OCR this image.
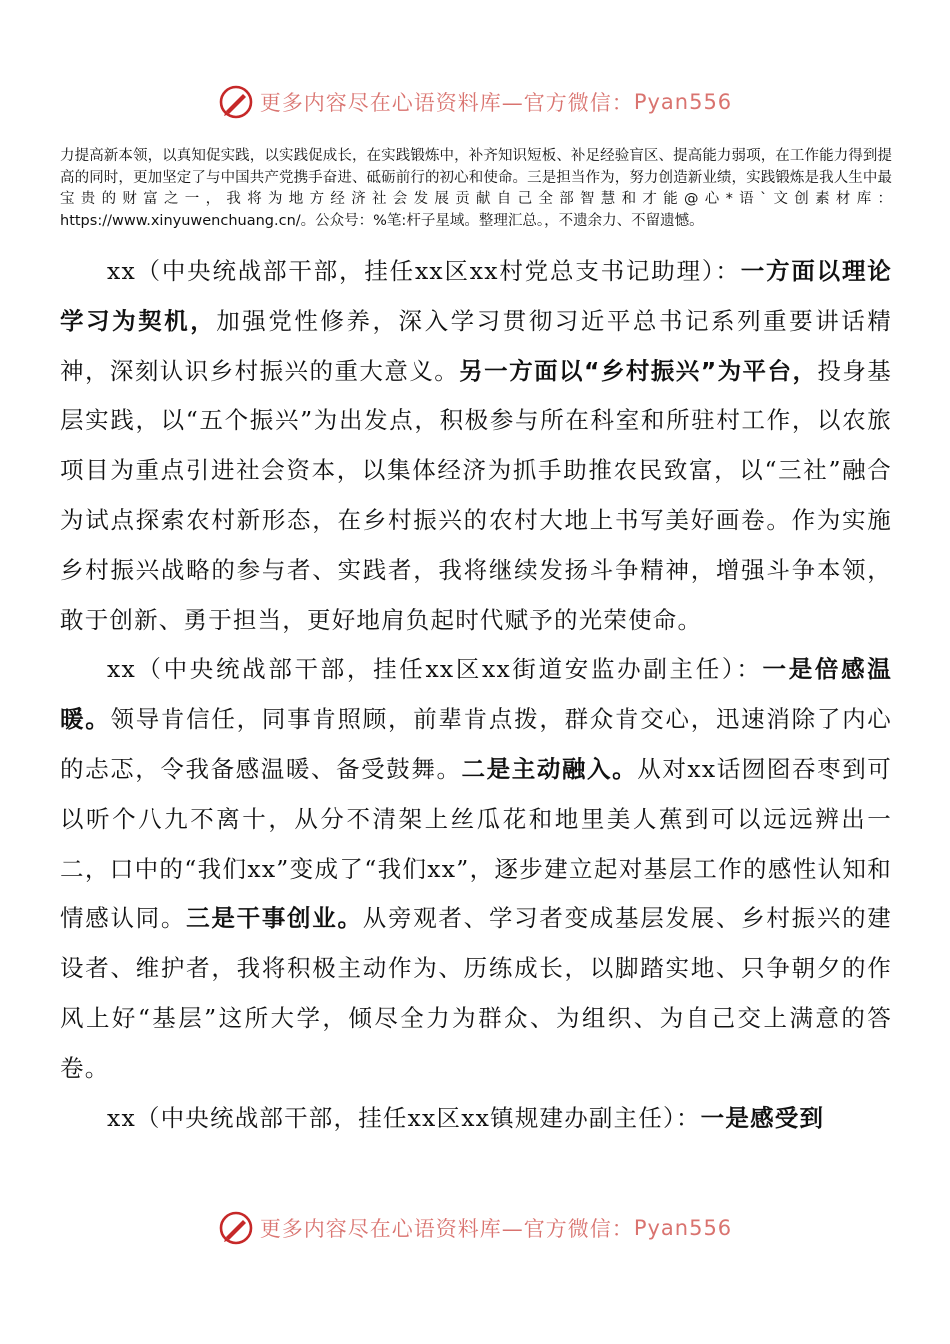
更多内容尽在心语资料库—官方微信： Pyan556

力提高新本领，以真知促实践，以实践促成长，在实践锻炼中，补齐知识短板、补足经验盲区、提高能力弱项，在工作能力得到提高的同时，更加坚定了与中国共产党携手奋进、砥砺前行的初心和使命。三是担当作为，努力创造新业绩，实践锻炼是我人生中最宝贵的财富之一，我将为地方经济社会发展贡献自己全部智慧和才能@心*语`文创素材库：https://www.xinyuwenchuang.cn/。公众号：%笔:杆子星域。整理汇总。，不遗余力、不留遗憾。

xx（中央统战部干部，挂任xx区xx村党总支书记助理）：一方面以理论学习为契机，加强党性修养，深入学习贯彻习近平总书记系列重要讲话精神，深刻认识乡村振兴的重大意义。另一方面以“乡村振兴”为平台，投身基层实践，以“五个振兴”为出发点，积极参与所在科室和所驻村工作，以农旅项目为重点引进社会资本，以集体经济为抓手助推农民致富，以“三社”融合为试点探索农村新形态，在乡村振兴的农村大地上书写美好画卷。作为实施乡村振兴战略的参与者、实践者，我将继续发扬斗争精神，增强斗争本领，敢于创新、勇于担当，更好地肩负起时代赋予的光荣使命。

xx（中央统战部干部，挂任xx区xx街道安监办副主任）：一是倍感温暖。领导肯信任，同事肯照顾，前辈肯点拨，群众肯交心，迅速消除了内心的忐忑，令我备感温暖、备受鼓舞。二是主动融入。从对xx话囫囵吞枣到可以听个八九不离十，从分不清架上丝瓜花和地里美人蕉到可以远远辨出一二，口中的“我们xx”变成了“我们xx”，逐步建立起对基层工作的感性认知和情感认同。三是干事创业。从旁观者、学习者变成基层发展、乡村振兴的建设者、维护者，我将积极主动作为、历练成长，以脚踏实地、只争朝夕的作风上好“基层”这所大学，倾尽全力为群众、为组织、为自己交上满意的答卷。

xx（中央统战部干部，挂任xx区xx镇规建办副主任）：一是感受到

更多内容尽在心语资料库—官方微信： Pyan556
